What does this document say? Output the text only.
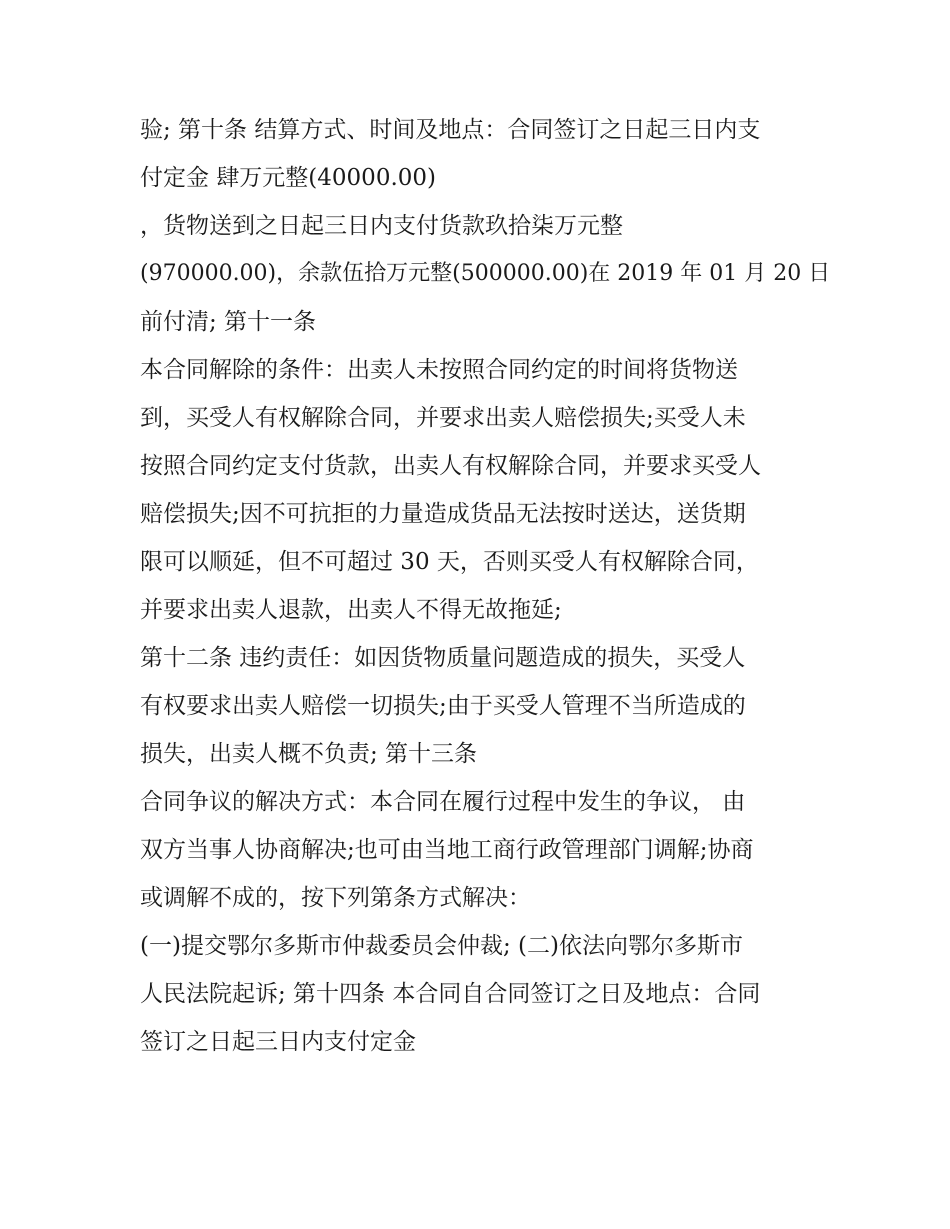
验; 第十条 结算方式、时间及地点：合同签订之日起三日内支
付定金 肆万元整(40000.00)
，货物送到之日起三日内支付货款玖拾柒万元整
(970000.00)，余款伍拾万元整(500000.00)在 2019 年 01 月 20 日
前付清; 第十一条
本合同解除的条件：出卖人未按照合同约定的时间将货物送
到，买受人有权解除合同，并要求出卖人赔偿损失;买受人未
按照合同约定支付货款，出卖人有权解除合同，并要求买受人
赔偿损失;因不可抗拒的力量造成货品无法按时送达，送货期
限可以顺延，但不可超过 30 天，否则买受人有权解除合同，
并要求出卖人退款，出卖人不得无故拖延;
第十二条 违约责任：如因货物质量问题造成的损失，买受人
有权要求出卖人赔偿一切损失;由于买受人管理不当所造成的
损失，出卖人概不负责; 第十三条
合同争议的解决方式：本合同在履行过程中发生的争议， 由
双方当事人协商解决;也可由当地工商行政管理部门调解;协商
或调解不成的，按下列第条方式解决：
(一)提交鄂尔多斯市仲裁委员会仲裁; (二)依法向鄂尔多斯市
人民法院起诉; 第十四条 本合同自合同签订之日及地点：合同
签订之日起三日内支付定金
